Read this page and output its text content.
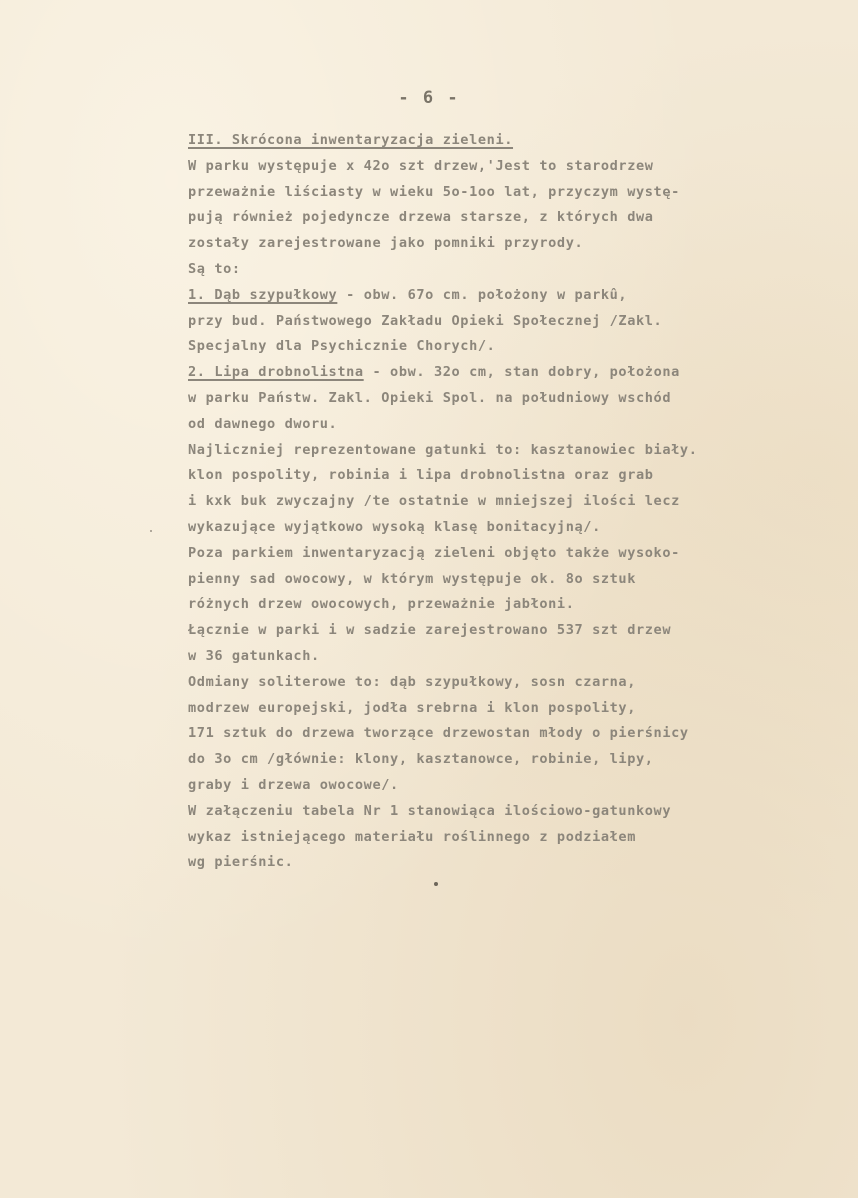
- 6 -
III. Skrócona inwentaryzacja zieleni.
W parku występuje x 42o szt drzew,'Jest to starodrzew
przeważnie liściasty w wieku 5o-1oo lat, przyczym wystę-
pują również pojedyncze drzewa starsze, z których dwa
zostały zarejestrowane jako pomniki przyrody.
Są to:
1. Dąb szypułkowy - obw. 67o cm. położony w parkû,
przy bud. Państwowego Zakładu Opieki Społecznej /Zakl.
Specjalny dla Psychicznie Chorych/.
2. Lipa drobnolistna - obw. 32o cm, stan dobry, położona
w parku Państw. Zakl. Opieki Spol. na południowy wschód
od dawnego dworu.
Najliczniej reprezentowane gatunki to: kasztanowiec biały.
klon pospolity, robinia i lipa drobnolistna oraz grab
i kxk buk zwyczajny /te ostatnie w mniejszej ilości lecz
wykazujące wyjątkowo wysoką klasę bonitacyjną/.
Poza parkiem inwentaryzacją zieleni objęto także wysoko-
pienny sad owocowy, w którym występuje ok. 8o sztuk
różnych drzew owocowych, przeważnie jabłoni.
Łącznie w parki i w sadzie zarejestrowano 537 szt drzew
w 36 gatunkach.
Odmiany soliterowe to: dąb szypułkowy, sosn czarna,
modrzew europejski, jodła srebrna i klon pospolity,
171 sztuk do drzewa tworzące drzewostan młody o pierśnicy
do 3o cm /głównie: klony, kasztanowce, robinie, lipy,
graby i drzewa owocowe/.
W załączeniu tabela Nr 1 stanowiąca ilościowo-gatunkowy
wykaz istniejącego materiału roślinnego z podziałem
wg pierśnic.
